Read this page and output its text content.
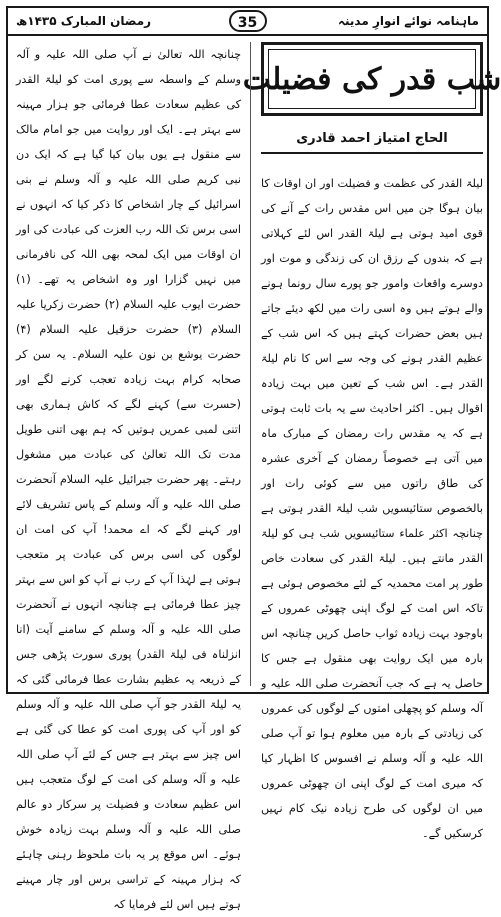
رمضان المبارک ۱۴۳۵ھ	ماہنامہ نوائے انوارِ مدینہ
35
شب قدر کی فضیلت
الحاج امتیاز احمد قادری

لیلۃ القدر کی عظمت و فضیلت اور ان اوقات کا بیان ہوگا جن میں اس مقدس رات کے آنے کی قوی امید ہوتی ہے لیلۃ القدر اس لئے کہلاتی ہے کہ بندوں کے رزق ان کی زندگی و موت اور دوسرے واقعات وامور جو پورے سال رونما ہونے والے ہوتے ہیں وہ اسی رات میں لکھ دیئے جاتے ہیں بعض حضرات کہتے ہیں کہ اس شب کے عظیم القدر ہونے کی وجہ سے اس کا نام لیلۃ القدر ہے۔ اس شب کے تعین میں بہت زیادہ اقوال ہیں۔ اکثر احادیث سے یہ بات ثابت ہوتی ہے کہ یہ مقدس رات رمضان کے مبارک ماہ میں آتی ہے خصوصاً رمضان کے آخری عشرہ کی طاق راتوں میں سے کوئی رات اور بالخصوص ستائیسویں شب لیلۃ القدر ہوتی ہے چنانچہ اکثر علماء ستائیسویں شب ہی کو لیلۃ القدر مانتے ہیں۔ لیلۃ القدر کی سعادت خاص طور پر امت محمدیہ کے لئے مخصوص ہوئی ہے تاکہ اس امت کے لوگ اپنی چھوٹی عمروں کے باوجود بہت زیادہ ثواب حاصل کریں چنانچہ اس بارہ میں ایک روایت بھی منقول ہے جس کا حاصل یہ ہے کہ جب آنحضرت صلی اللہ علیہ و آلہ وسلم کو پچھلی امتوں کے لوگوں کی عمروں کی زیادتی کے بارہ میں معلوم ہوا تو آپ صلی اللہ علیہ و آلہ وسلم نے افسوس کا اظہار کیا کہ میری امت کے لوگ اپنی ان چھوٹی عمروں میں ان لوگوں کی طرح زیادہ نیک کام نہیں کرسکیں گے۔

چنانچہ اللہ تعالیٰ نے آپ صلی اللہ علیہ و آلہ وسلم کے واسطہ سے پوری امت کو لیلۃ القدر کی عظیم سعادت عطا فرمائی جو ہزار مہینہ سے بہتر ہے۔ ایک اور روایت میں جو امام مالک سے منقول ہے یوں بیان کیا گیا ہے کہ ایک دن نبی کریم صلی اللہ علیہ و آلہ وسلم نے بنی اسرائیل کے چار اشخاص کا ذکر کیا کہ انہوں نے اسی برس تک اللہ رب العزت کی عبادت کی اور ان اوقات میں ایک لمحہ بھی اللہ کی نافرمانی میں نہیں گزارا اور وہ اشخاص یہ تھے۔ (۱) حضرت ایوب علیہ السلام (۲) حضرت زکریا علیہ السلام (۳) حضرت حزقیل علیہ السلام (۴) حضرت یوشع بن نون علیہ السلام۔ یہ سن کر صحابہ کرام بہت زیادہ تعجب کرنے لگے اور (حسرت سے) کہنے لگے کہ کاش ہماری بھی اتنی لمبی عمریں ہوتیں کہ ہم بھی اتنی طویل مدت تک اللہ تعالیٰ کی عبادت میں مشغول رہتے۔ پھر حضرت جبرائیل علیہ السلام آنحضرت صلی اللہ علیہ و آلہ وسلم کے پاس تشریف لائے اور کہنے لگے کہ اے محمد! آپ کی امت ان لوگوں کی اسی برس کی عبادت پر متعجب ہوتی ہے لہٰذا آپ کے رب نے آپ کو اس سے بہتر چیز عطا فرمائی ہے چنانچہ انہوں نے آنحضرت صلی اللہ علیہ و آلہ وسلم کے سامنے آیت (انا انزلناہ فی لیلۃ القدر) پوری سورت پڑھی جس کے ذریعہ یہ عظیم بشارت عطا فرمائی گئی کہ یہ لیلۃ القدر جو آپ صلی اللہ علیہ و آلہ وسلم کو اور آپ کی پوری امت کو عطا کی گئی ہے اس چیز سے بہتر ہے جس کے لئے آپ صلی اللہ علیہ و آلہ وسلم کی امت کے لوگ متعجب ہیں اس عظیم سعادت و فضیلت پر سرکار دو عالم صلی اللہ علیہ و آلہ وسلم بہت زیادہ خوش ہوئے۔ اس موقع پر یہ بات ملحوظ رہنی چاہئے کہ ہزار مہینہ کے تراسی برس اور چار مہینے ہوتے ہیں اس لئے فرمایا کہ
